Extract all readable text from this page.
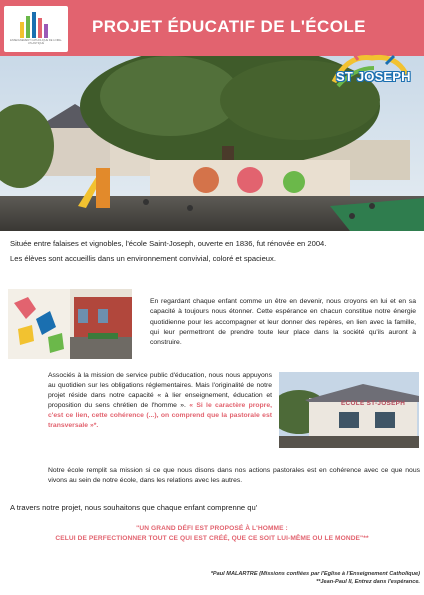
ENSEIGNEMENT CATHOLIQUE DE LOIRE-ATLANTIQUE
PROJET ÉDUCATIF DE L'ÉCOLE
ST JOSEPH

Située entre falaises et vignobles, l'école Saint-Joseph, ouverte en 1836, fut rénovée en 2004.

Les élèves sont accueillis dans un environnement convivial, coloré et spacieux.

En regardant chaque enfant comme un être en devenir, nous croyons en lui et en sa capacité à toujours nous étonner. Cette espérance en chacun constitue notre énergie quotidienne pour les accompagner et leur donner des repères, en lien avec la famille, qui leur permettront de prendre toute leur place dans la société qu'ils auront à construire.
Associés à la mission de service public d'éducation, nous nous appuyons au quotidien sur les obligations réglementaires. Mais l'originalité de notre projet réside dans notre capacité « à lier enseignement, éducation et proposition du sens chrétien de l'homme ». « Si le caractère propre, c'est ce lien, cette cohérence (...), on comprend que la pastorale est transversale »*.
ECOLE ST-JOSEPH
Notre école remplit sa mission si ce que nous disons dans nos actions pastorales est en cohérence avec ce que nous vivons au sein de notre école, dans les relations avec les autres.
A travers notre projet, nous souhaitons que chaque enfant comprenne qu'
"UN GRAND DÉFI EST PROPOSÉ À L'HOMME :
CELUI DE PERFECTIONNER TOUT CE QUI EST CRÉÉ, QUE CE SOIT LUI-MÊME OU LE MONDE"**
*Paul MALARTRE (Missions confiées par l'Eglise à l'Enseignement Catholique)
**Jean-Paul II, Entrez dans l'espérance.
